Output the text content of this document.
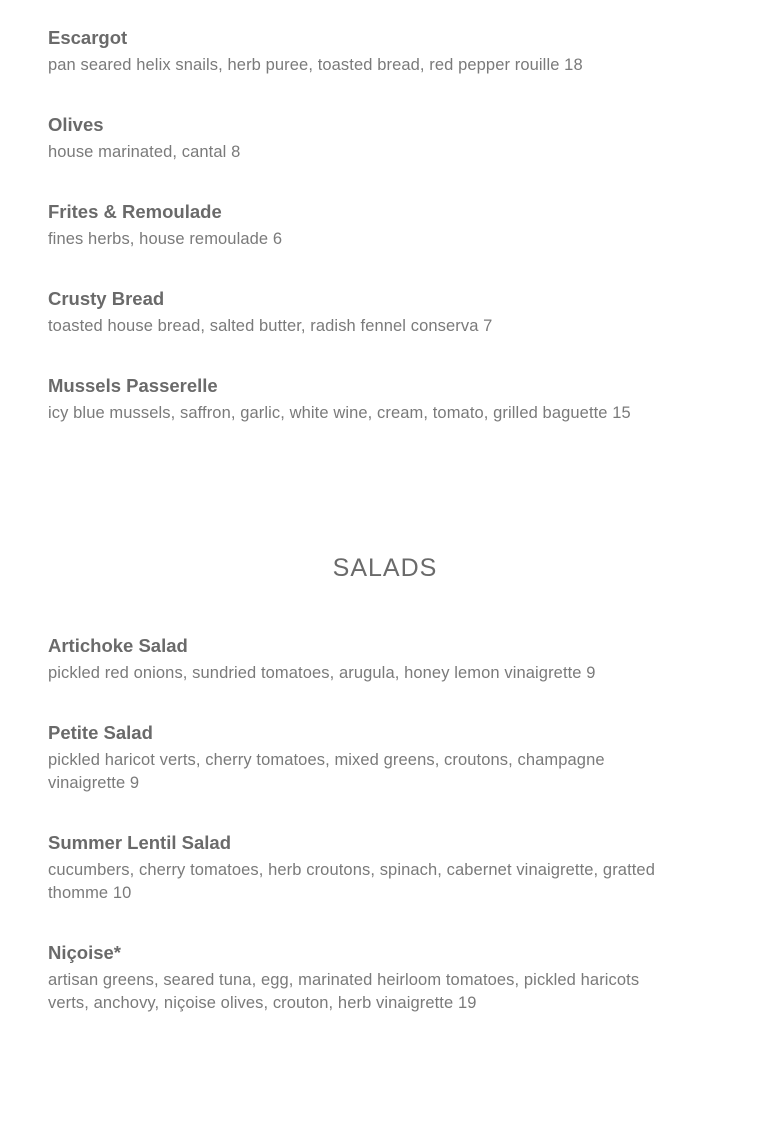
Escargot
pan seared helix snails, herb puree, toasted bread, red pepper rouille 18
Olives
house marinated, cantal 8
Frites & Remoulade
fines herbs, house remoulade 6
Crusty Bread
toasted house bread, salted butter, radish fennel conserva 7
Mussels Passerelle
icy blue mussels, saffron, garlic, white wine, cream, tomato, grilled baguette 15
SALADS
Artichoke Salad
pickled red onions, sundried tomatoes, arugula, honey lemon vinaigrette 9
Petite Salad
pickled haricot verts, cherry tomatoes, mixed greens, croutons, champagne vinaigrette 9
Summer Lentil Salad
cucumbers, cherry tomatoes, herb croutons, spinach, cabernet vinaigrette, gratted thomme 10
Niçoise*
artisan greens, seared tuna, egg, marinated heirloom tomatoes, pickled haricots verts, anchovy, niçoise olives, crouton, herb vinaigrette 19
